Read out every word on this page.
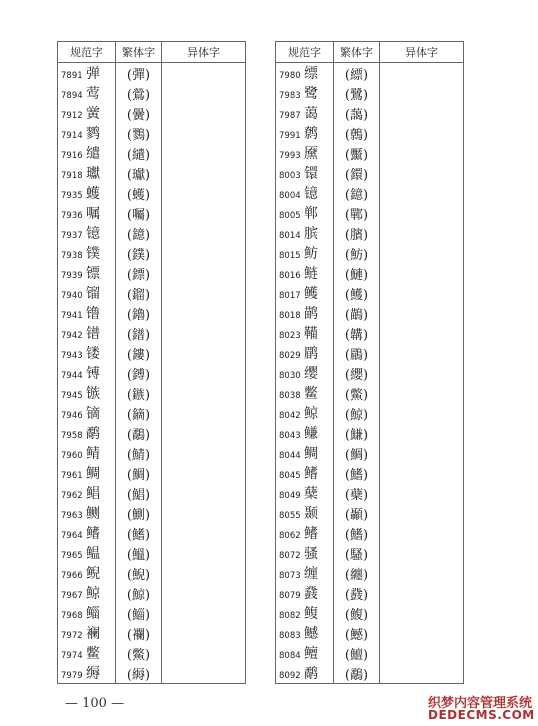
规范字	繁体字	异体字
7891 弹	(彈)	
7894 莺	(鶯)	
7912 黉	(黌)	
7914 鹨	(鷚)	
7916 缱	(繾)	
7918 瓛	(瓛)	
7935 蠖	(蠖)	
7936 嘱	(囑)	
7937 镱	(鐿)	
7938 镤	(鏷)	
7939 镖	(鏢)	
7940 镏	(鎦)	
7941 镥	(鑥)	
7942 镨	(鐠)	
7943 镂	(鏤)	
7944 镈	(鎛)	
7945 镞	(鏃)	
7946 镝	(鏑)	
7958 鹬	(鷸)	
7960 鲭	(鯖)	
7961 鲷	(鯛)	
7962 鲳	(鯧)	
7963 鲗	(鰂)	
7964 鳍	(鰭)	
7965 鳁	(鰮)	
7966 鲵	(鯢)	
7967 鲸	(鯨)	
7968 鲻	(鯔)	
7972 襕	(襴)	
7974 鳖	(鱉)	
7979 缛	(縟)	
规范字	繁体字	异体字
7980 缥	(縹)	
7983 鹭	(鷺)	
7987 蔼	(藹)	
7991 鹩	(鷯)	
7993 黡	(黶)	
8003 镮	(鐶)	
8004 镱	(鐿)	
8005 郸	(鄲)	
8014 膑	(臏)	
8015 鲂	(魴)	
8016 鲢	(鰱)	
8017 鳠	(鱯)	
8018 鹋	(鶓)	
8023 鞴	(韝)	
8029 鹛	(鶥)	
8030 缨	(纓)	
8038 鳖	(鱉)	
8042 鲸	(鯨)	
8043 鳒	(鰜)	
8044 鲷	(鯛)	
8045 鳍	(鰭)	
8049 蘖	(蘗)	
8055 颞	(顳)	
8062 鳍	(鰭)	
8072 骚	(騷)	
8073 缠	(纏)	
8079 鼗	(鼗)	
8082 鳆	(鰒)	
8083 鳡	(鱤)	
8084 鳣	(鱣)	
8092 鹬	(鷸)	
— 100 —	织梦内容管理系统
DEDECMS.COM
